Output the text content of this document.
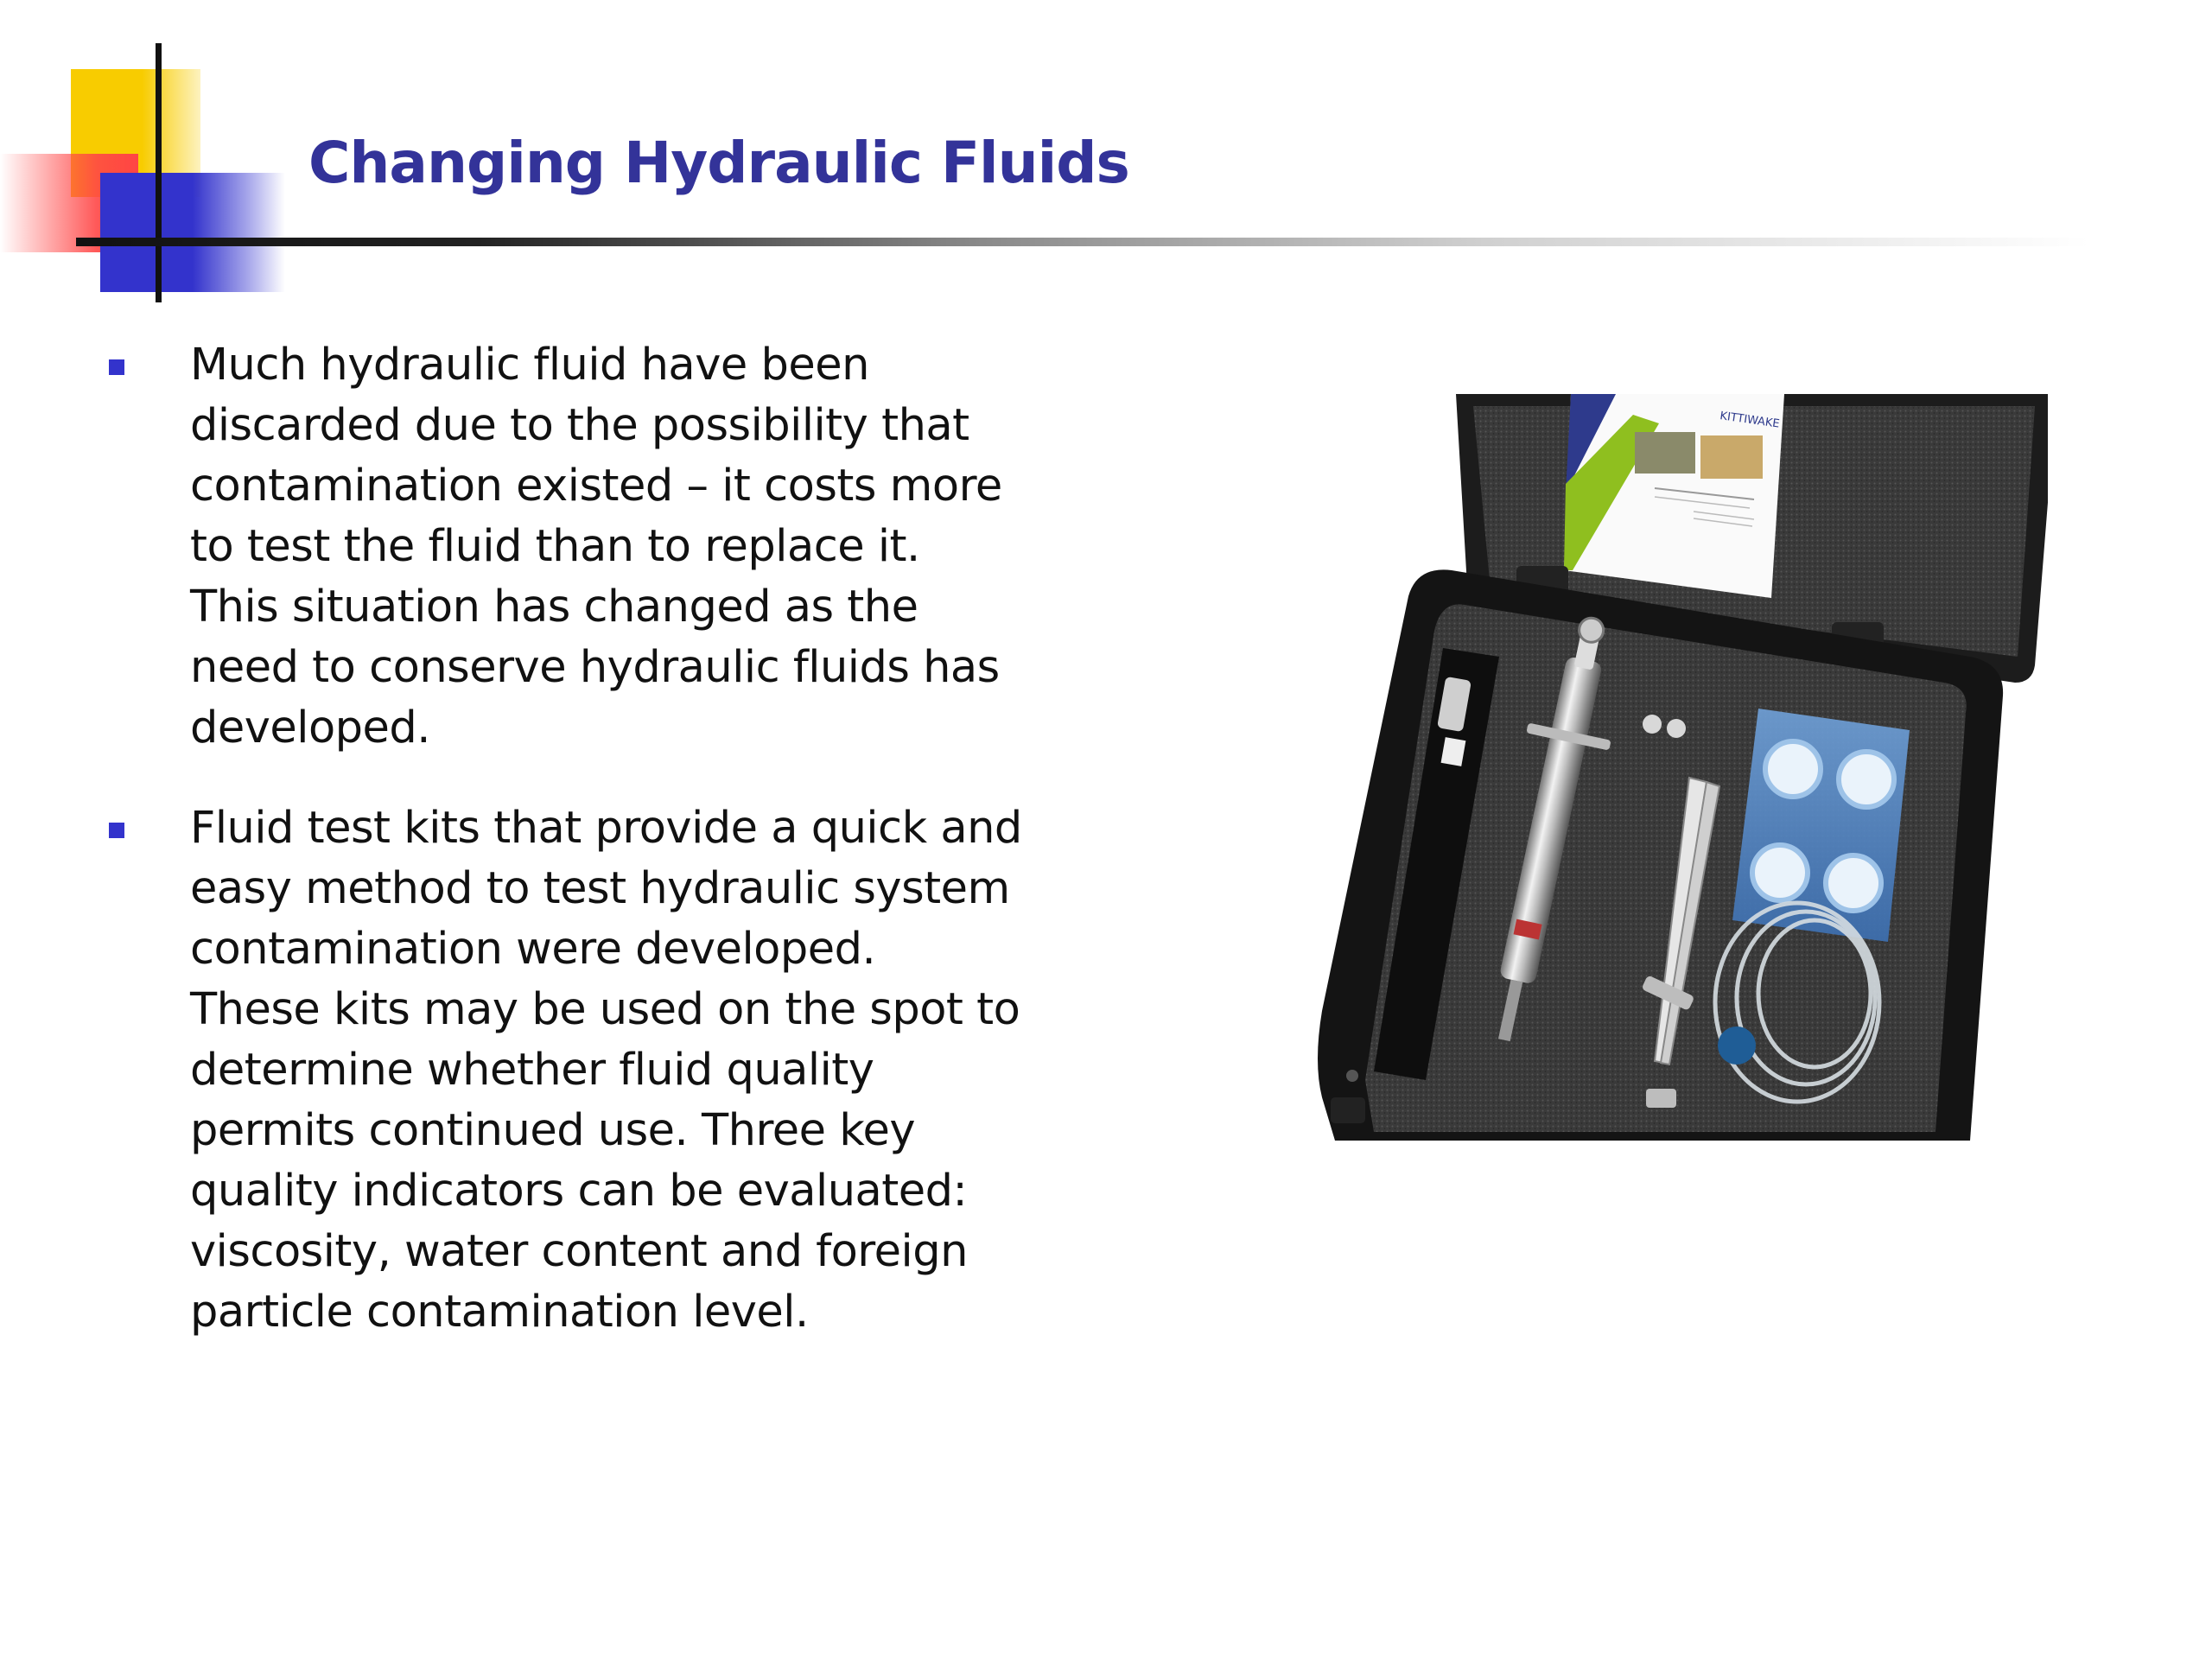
Changing Hydraulic Fluids

Much hydraulic fluid have been
discarded due to the possibility that
contamination existed – it costs more
to test the fluid than to replace it.
This situation has changed as the
need to conserve hydraulic fluids has
developed.

Fluid test kits that provide a quick and
easy method to test hydraulic system
contamination were developed.
These kits may be used on the spot to
determine whether fluid quality
permits continued use. Three key
quality indicators can be evaluated:
viscosity, water content and foreign
particle contamination level.

KITTIWAKE
